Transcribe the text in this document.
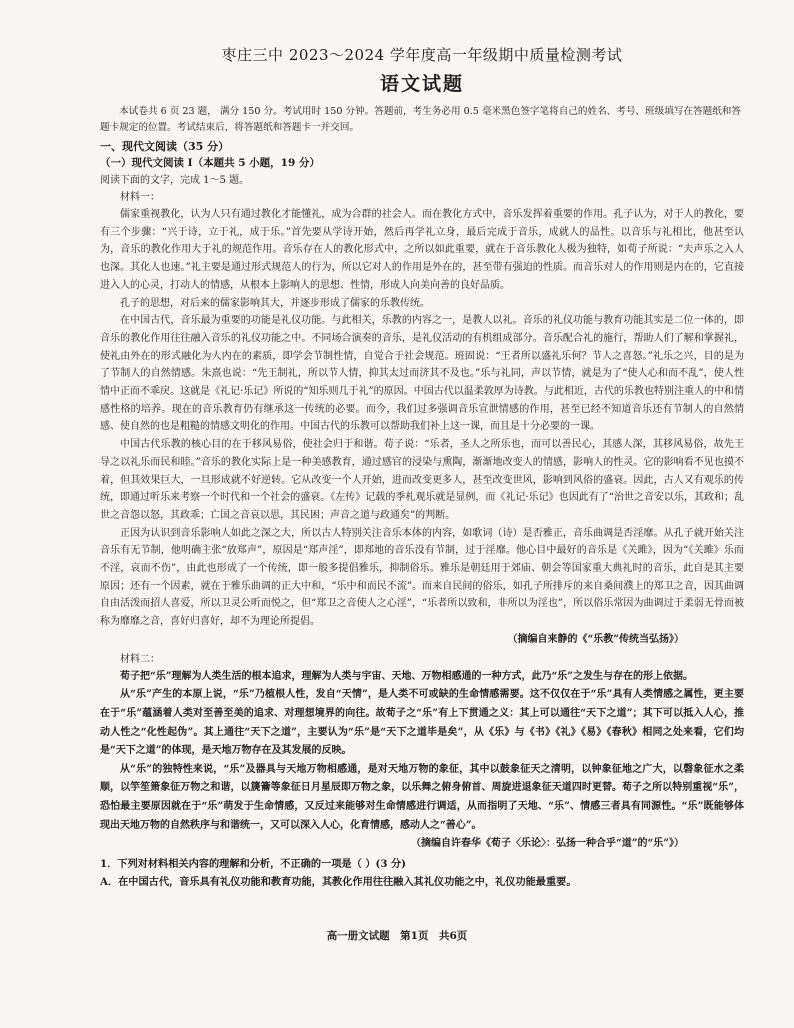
枣庄三中 2023～2024 学年度高一年级期中质量检测考试

语文试题

本试卷共 6 页 23 题， 满分 150 分。考试用时 150 分钟。答题前，考生务必用 0.5 毫米黑色签字笔将自己的姓名、考号、班级填写在答题纸和答题卡规定的位置。考试结束后，将答题纸和答题卡一并交回。

一、现代文阅读（35 分）

（一）现代文阅读 I（本题共 5 小题，19 分）

阅读下面的文字，完成 1～5 题。

材料一：

儒家重视教化，认为人只有通过教化才能懂礼，成为合群的社会人。而在教化方式中，音乐发挥着重要的作用。孔子认为，对于人的教化，要有三个步骤：“兴于诗，立于礼，成于乐。”首先要从学诗开始，然后再学礼立身，最后完成于音乐，成就人的品性。以音乐与礼相比，他甚至认为，音乐的教化作用大于礼的规范作用。音乐存在人的教化形式中，之所以如此重要，就在于音乐教化人极为独特，如荀子所说：“夫声乐之入人也深。其化人也速。”礼主要是通过形式规范人的行为，所以它对人的作用是外在的，甚至带有强迫的性质。而音乐对人的作用则是内在的，它直接进入人的心灵，打动人的情感，从根本上影响人的思想、性情，形成人向美向善的良好品质。

孔子的思想，对后来的儒家影响其大，并逐步形成了儒家的乐教传统。

在中国古代，音乐最为重要的功能是礼仪功能。与此相关，乐教的内容之一，是教人以礼。音乐的礼仪功能与教育功能其实是二位一体的，即音乐的教化作用往往融入音乐的礼仪功能之中。不同场合演奏的音乐，是礼仪活动的有机组成部分。音乐配合礼的施行，帮助人们了解和掌握礼，使礼由外在的形式融化为人内在的素质，即学会节制性情，自觉合于社会规范。班固说：“王者所以盛礼乐何？节人之喜怒。”礼乐之兴，目的是为了节制人的自然情感。朱熹也说：“先王制礼，所以节人情，抑其太过而济其不及也。”乐与礼同，声以节情，就是为了“使人心和而不乱”，使人性情中正而不乖戾。这就是《礼记·乐记》所说的“知乐则几于礼”的原因。中国古代以温柔敦厚为诗教。与此相近，古代的乐教也特别注重人的中和情感性格的培养。现在的音乐教育仍有继承这一传统的必要。而今，我们过多强调音乐宣泄情感的作用，甚至已经不知道音乐还有节制人的自然情感、使自然的也是粗糙的情感文明化的作用。中国古代的乐教可以帮助我们补上这一课，而且是十分必要的一课。

中国古代乐教的核心目的在于移风易俗，使社会归于和谐。荀子说：“乐者，圣人之所乐也，而可以善民心，其感人深，其移风易俗，故先王导之以礼乐而民和睦。”音乐的教化实际上是一种美感教育，通过感官的浸染与熏陶，渐渐地改变人的情感，影响人的性灵。它的影响看不见也摸不着，但其效果巨大，一旦形成就不好逆转。它从改变一个人开始，进而改变更多人，甚至改变世风，影响到风俗的盛衰。因此，古人又有观乐的传统，即通过听乐来考察一个时代和一个社会的盛衰。《左传》记载的季札观乐就是显例，而《礼记·乐记》也因此有了“治世之音安以乐，其政和；乱世之音怨以怒，其政乖；亡国之音哀以思，其民困；声音之道与政通矣”的判断。

正因为认识到音乐影响人如此之深之大，所以古人特别关注音乐本体的内容，如歌词（诗）是否雅正，音乐曲调是否淫靡。从孔子就开始关注音乐有无节制，他明确主张“放郑声”，原因是“郑声淫”，即郑地的音乐没有节制，过于淫靡。他心目中最好的音乐是《关雎》，因为“《关雎》乐而不淫，哀而不伤”，由此也形成了一个传统，即一般多提倡雅乐，抑制俗乐。雅乐是朝廷用于郊庙、朝会等国家重大典礼时的音乐，此自是其主要原因；还有一个因素，就在于雅乐曲调的正大中和，“乐中和而民不流”。而来自民间的俗乐，如孔子所排斥的来自桑间濮上的郑卫之音，因其曲调自由活泼而招人喜爱，所以卫灵公听而悦之，但“郑卫之音使人之心淫”，“乐者所以致和，非所以为淫也”，所以俗乐常因为曲调过于柔弱无骨而被称为靡靡之音，喜好归喜好，却不为理论所提倡。

（摘编自来静的《“乐教”传统当弘扬》）

材料二：

荀子把“乐”理解为人类生活的根本追求，理解为人类与宇宙、天地、万物相感通的一种方式，此乃“乐”之发生与存在的形上依据。

从“乐”产生的本原上说，“乐”乃植根人性，发自“天情”，是人类不可或缺的生命情感需要。这不仅仅在于“乐”具有人类情感之属性，更主要在于“乐”蕴涵着人类对至善至美的追求、对理想境界的向往。故荀子之“乐”有上下贯通之义：其上可以通往“天下之道”；其下可以抵入人心，推动人性之“化性起伪”。其上通往“天下之道”，主要认为“乐”是“天下之道毕是矣”，从《乐》与《书》《礼》《易》《春秋》相同之处来看，它们均是“天下之道”的体现，是天地万物存在及其发展的反映。

从“乐”的独特性来说，“乐”及器具与天地万物相感通，是对天地万物的象征，其中以鼓象征天之清明，以钟象征地之广大，以磬象征水之柔顺，以竽笙箫象征万物之和谐，以篪籥等象征日月星辰即万物之象，以乐舞之俯身俯首、周旋进退象征天道四时更替。荀子之所以特别重视“乐”，恐怕最主要原因就在于“乐”萌发于生命情感，又反过来能够对生命情感进行调适，从而指明了天地、“乐”、情感三者具有同源性。“乐”既能够体现出天地万物的自然秩序与和谐统一，又可以深入人心，化育情感，感动人之“善心”。

（摘编自许春华《荀子〈乐论〉：弘扬一种合乎“道”的“乐”》）

1．下列对材料相关内容的理解和分析，不正确的一项是（ ）(3 分)

A．在中国古代，音乐具有礼仪功能和教育功能，其教化作用往往融入其礼仪功能之中，礼仪功能最重要。

高一册文试题　第1页　共6页
